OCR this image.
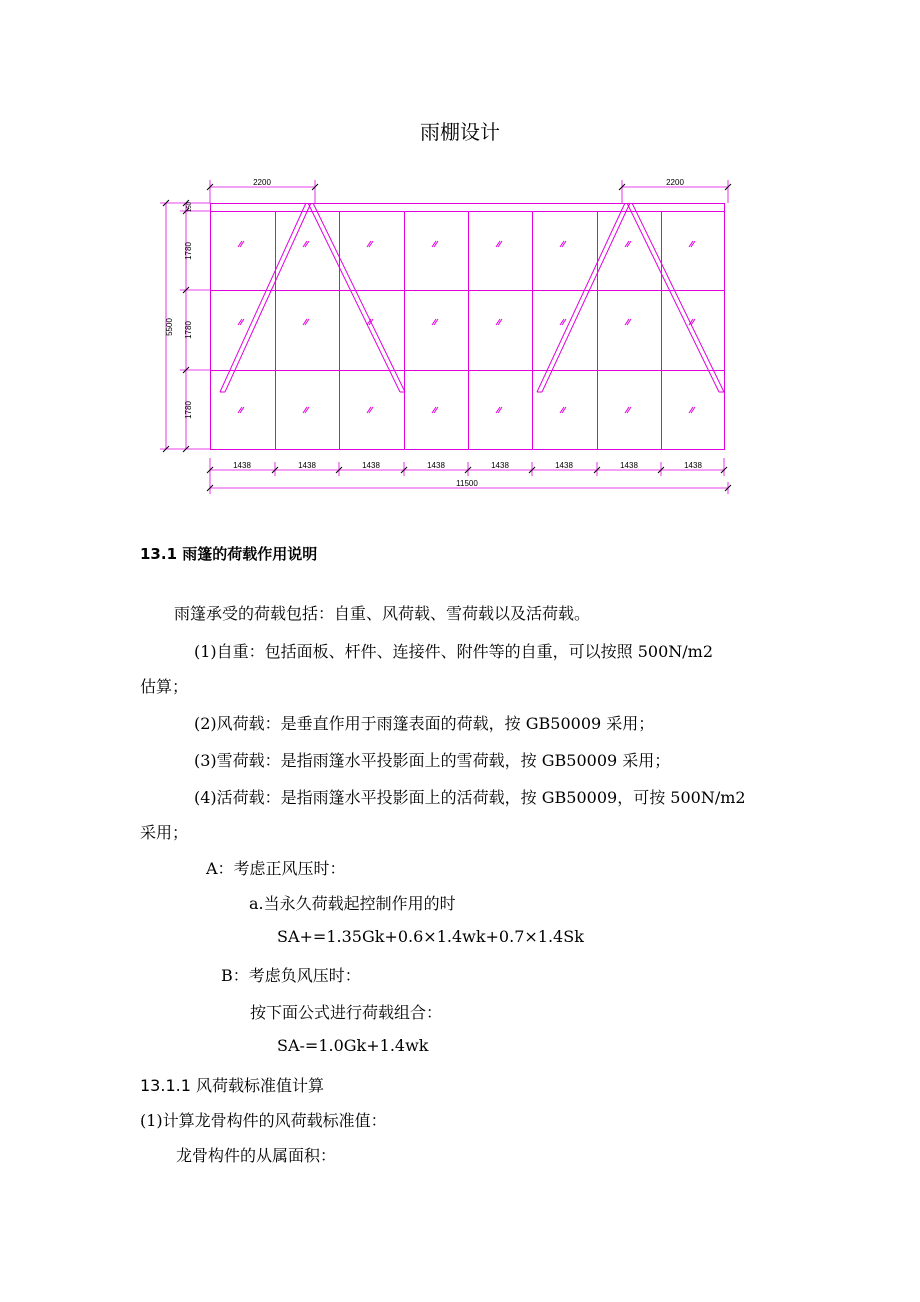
雨棚设计
2200	2200
5500
150
1780
1780
1780
1438	1438	1438	1438	1438	1438	1438	1438
11500
13.1 雨篷的荷载作用说明
雨篷承受的荷载包括：自重、风荷载、雪荷载以及活荷载。
(1)自重：包括面板、杆件、连接件、附件等的自重，可以按照 500N/m2
估算；
(2)风荷载：是垂直作用于雨篷表面的荷载，按 GB50009 采用；
(3)雪荷载：是指雨篷水平投影面上的雪荷载，按 GB50009 采用；
(4)活荷载：是指雨篷水平投影面上的活荷载，按 GB50009，可按 500N/m2
采用；
A：考虑正风压时：
a.当永久荷载起控制作用的时
SA+=1.35Gk+0.6×1.4wk+0.7×1.4Sk
B：考虑负风压时：
按下面公式进行荷载组合：
SA-=1.0Gk+1.4wk
13.1.1 风荷载标准值计算
(1)计算龙骨构件的风荷载标准值：
龙骨构件的从属面积：
